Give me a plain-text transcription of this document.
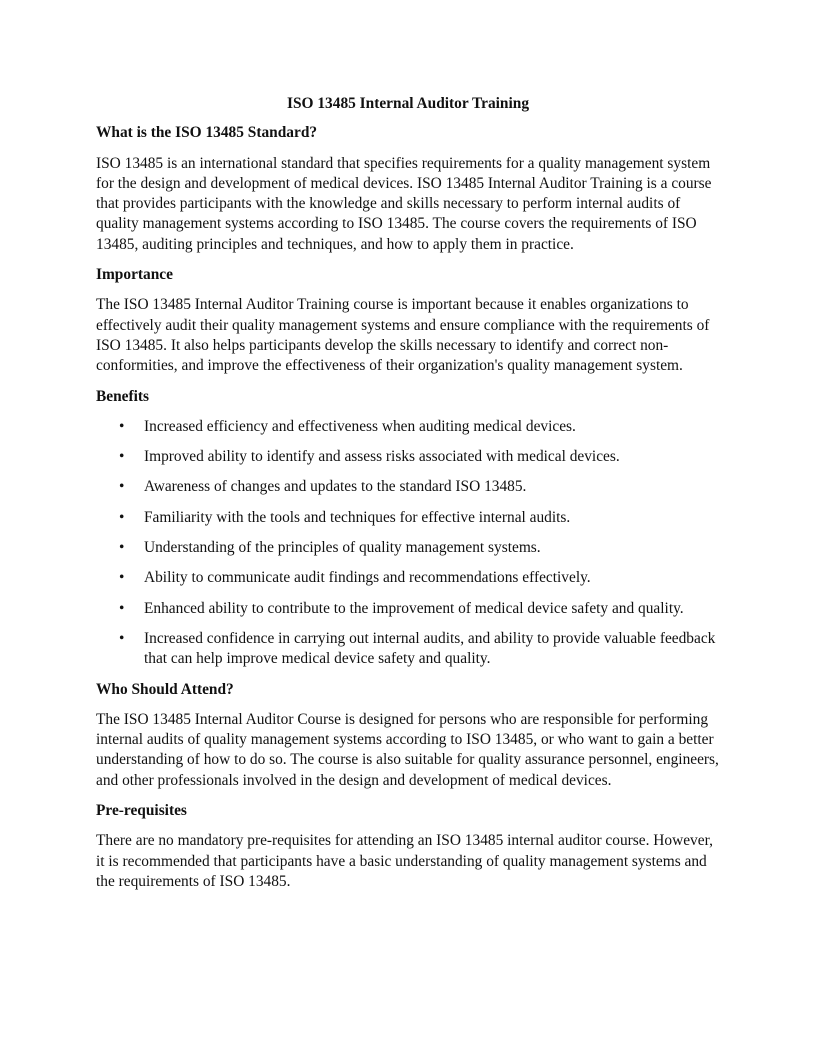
ISO 13485 Internal Auditor Training
What is the ISO 13485 Standard?

ISO 13485 is an international standard that specifies requirements for a quality management system for the design and development of medical devices. ISO 13485 Internal Auditor Training is a course that provides participants with the knowledge and skills necessary to perform internal audits of quality management systems according to ISO 13485. The course covers the requirements of ISO 13485, auditing principles and techniques, and how to apply them in practice.

Importance

The ISO 13485 Internal Auditor Training course is important because it enables organizations to effectively audit their quality management systems and ensure compliance with the requirements of ISO 13485. It also helps participants develop the skills necessary to identify and correct non-conformities, and improve the effectiveness of their organization's quality management system.

Benefits
• Increased efficiency and effectiveness when auditing medical devices.
• Improved ability to identify and assess risks associated with medical devices.
• Awareness of changes and updates to the standard ISO 13485.
• Familiarity with the tools and techniques for effective internal audits.
• Understanding of the principles of quality management systems.
• Ability to communicate audit findings and recommendations effectively.
• Enhanced ability to contribute to the improvement of medical device safety and quality.
• Increased confidence in carrying out internal audits, and ability to provide valuable feedback that can help improve medical device safety and quality.
Who Should Attend?

The ISO 13485 Internal Auditor Course is designed for persons who are responsible for performing internal audits of quality management systems according to ISO 13485, or who want to gain a better understanding of how to do so. The course is also suitable for quality assurance personnel, engineers, and other professionals involved in the design and development of medical devices.

Pre-requisites

There are no mandatory pre-requisites for attending an ISO 13485 internal auditor course. However, it is recommended that participants have a basic understanding of quality management systems and the requirements of ISO 13485.
